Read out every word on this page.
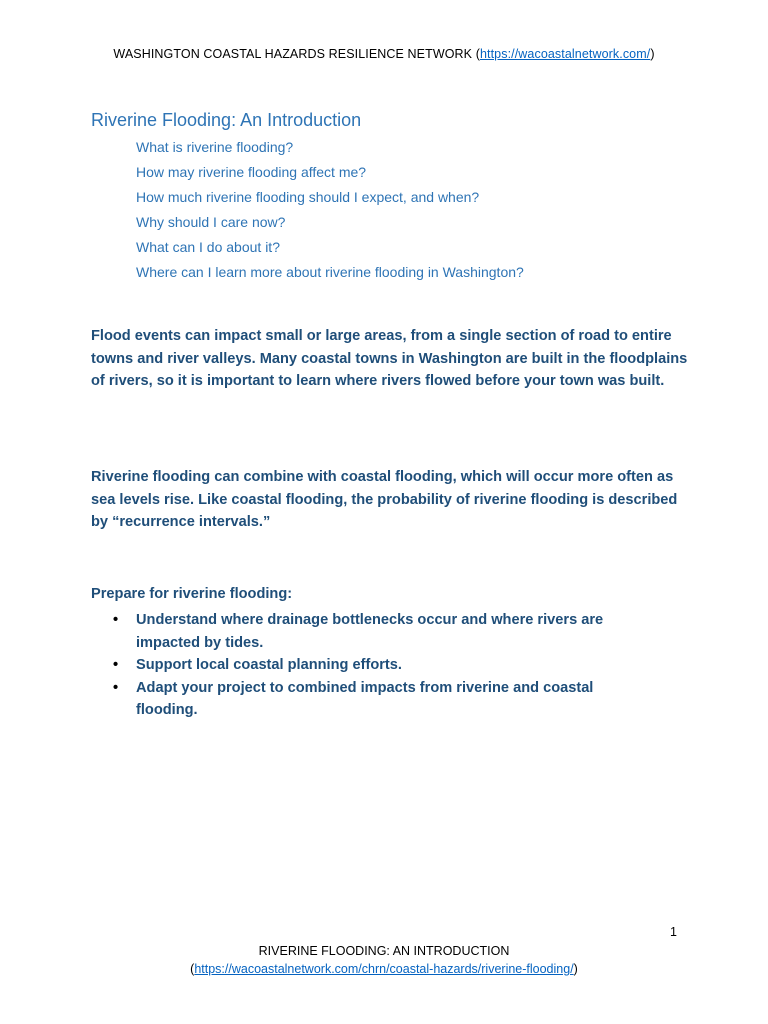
WASHINGTON COASTAL HAZARDS RESILIENCE NETWORK (https://wacoastalnetwork.com/)
Riverine Flooding: An Introduction
What is riverine flooding?
How may riverine flooding affect me?
How much riverine flooding should I expect, and when?
Why should I care now?
What can I do about it?
Where can I learn more about riverine flooding in Washington?

Flood events can impact small or large areas, from a single section of road to entire towns and river valleys. Many coastal towns in Washington are built in the floodplains of rivers, so it is important to learn where rivers flowed before your town was built.

Riverine flooding can combine with coastal flooding, which will occur more often as sea levels rise. Like coastal flooding, the probability of riverine flooding is described by “recurrence intervals.”

Prepare for riverine flooding:

• Understand where drainage bottlenecks occur and where rivers are impacted by tides.
• Support local coastal planning efforts.
• Adapt your project to combined impacts from riverine and coastal flooding.
1
RIVERINE FLOODING: AN INTRODUCTION
(https://wacoastalnetwork.com/chrn/coastal-hazards/riverine-flooding/)
